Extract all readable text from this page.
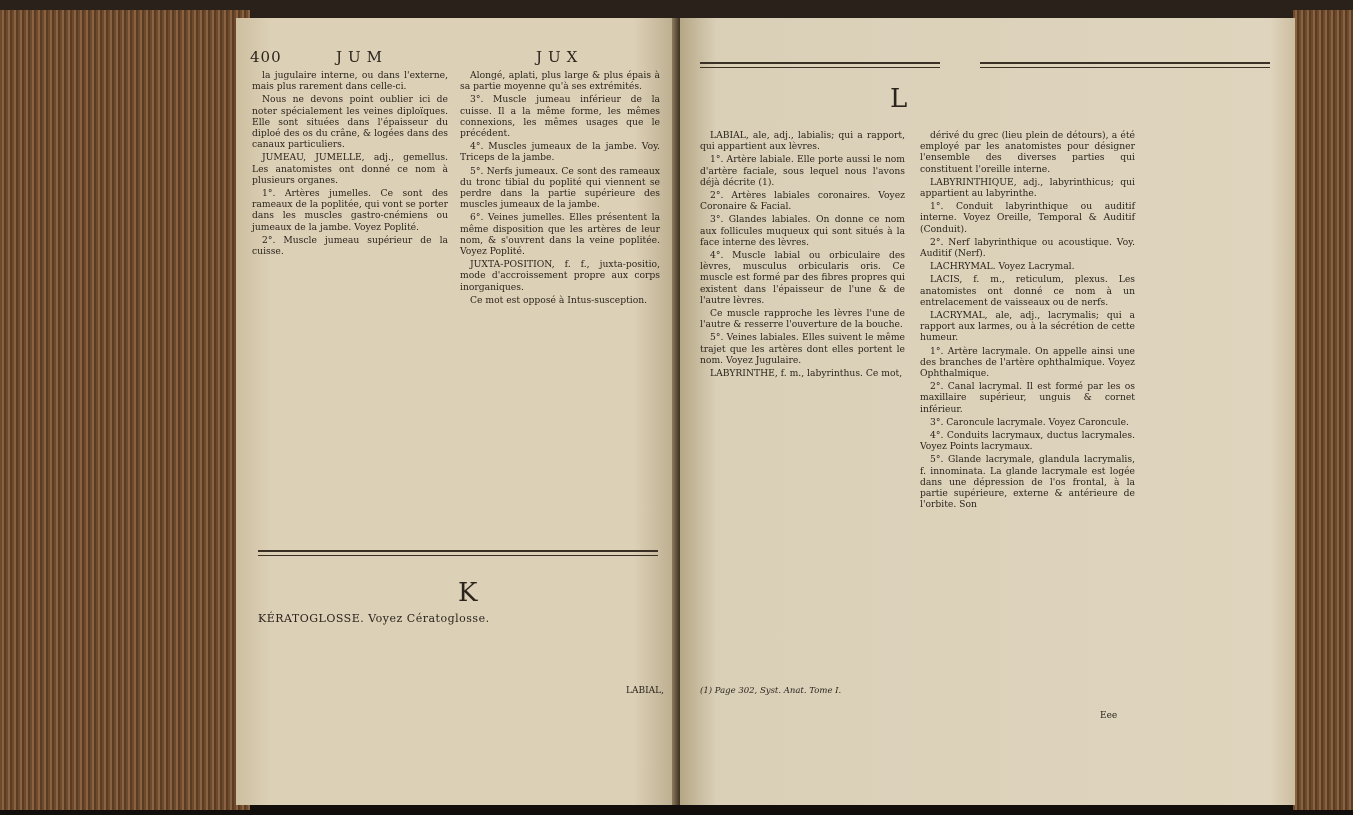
400	JUM	JUX

la jugulaire interne, ou dans l'externe, mais plus rarement dans celle-ci.

Nous ne devons point oublier ici de noter spécialement les veines diploïques. Elle sont situées dans l'épaisseur du diploé des os du crâne, & logées dans des canaux particuliers.

JUMEAU, JUMELLE, adj., gemellus. Les anatomistes ont donné ce nom à plusieurs organes.

1°. Artères jumelles. Ce sont des rameaux de la poplitée, qui vont se porter dans les muscles gastro-cnémiens ou jumeaux de la jambe. Voyez Poplité.

2°. Muscle jumeau supérieur de la cuisse.

Alongé, aplati, plus large & plus épais à sa partie moyenne qu'à ses extrémités.

3°. Muscle jumeau inférieur de la cuisse. Il a la même forme, les mêmes connexions, les mêmes usages que le précédent.

4°. Muscles jumeaux de la jambe. Voy. Triceps de la jambe.

5°. Nerfs jumeaux. Ce sont des rameaux du tronc tibial du poplité qui viennent se perdre dans la partie supérieure des muscles jumeaux de la jambe.

6°. Veines jumelles. Elles présentent la même disposition que les artères de leur nom, & s'ouvrent dans la veine poplitée. Voyez Poplité.

JUXTA-POSITION, f. f., juxta-positio, mode d'accroissement propre aux corps inorganiques.

Ce mot est opposé à Intus-susception.

K
KÉRATOGLOSSE. Voyez Cératoglosse.
LABIAL,
L

LABIAL, ale, adj., labialis; qui a rapport, qui appartient aux lèvres.

1°. Artère labiale. Elle porte aussi le nom d'artère faciale, sous lequel nous l'avons déjà décrite (1).

2°. Artères labiales coronaires. Voyez Coronaire & Facial.

3°. Glandes labiales. On donne ce nom aux follicules muqueux qui sont situés à la face interne des lèvres.

4°. Muscle labial ou orbiculaire des lèvres, musculus orbicularis oris. Ce muscle est formé par des fibres propres qui existent dans l'épaisseur de l'une & de l'autre lèvres.

Ce muscle rapproche les lèvres l'une de l'autre & resserre l'ouverture de la bouche.

5°. Veines labiales. Elles suivent le même trajet que les artères dont elles portent le nom. Voyez Jugulaire.

LABYRINTHE, f. m., labyrinthus. Ce mot,

(1) Page 302, Syst. Anat. Tome I.

dérivé du grec (lieu plein de détours), a été employé par les anatomistes pour désigner l'ensemble des diverses parties qui constituent l'oreille interne.

LABYRINTHIQUE, adj., labyrinthicus; qui appartient au labyrinthe.

1°. Conduit labyrinthique ou auditif interne. Voyez Oreille, Temporal & Auditif (Conduit).

2°. Nerf labyrinthique ou acoustique. Voy. Auditif (Nerf).

LACHRYMAL. Voyez Lacrymal.

LACIS, f. m., reticulum, plexus. Les anatomistes ont donné ce nom à un entrelacement de vaisseaux ou de nerfs.

LACRYMAL, ale, adj., lacrymalis; qui a rapport aux larmes, ou à la sécrétion de cette humeur.

1°. Artère lacrymale. On appelle ainsi une des branches de l'artère ophthalmique. Voyez Ophthalmique.

2°. Canal lacrymal. Il est formé par les os maxillaire supérieur, unguis & cornet inférieur.

3°. Caroncule lacrymale. Voyez Caroncule.

4°. Conduits lacrymaux, ductus lacrymales. Voyez Points lacrymaux.

5°. Glande lacrymale, glandula lacrymalis, f. innominata. La glande lacrymale est logée dans une dépression de l'os frontal, à la partie supérieure, externe & antérieure de l'orbite. Son

Eee
